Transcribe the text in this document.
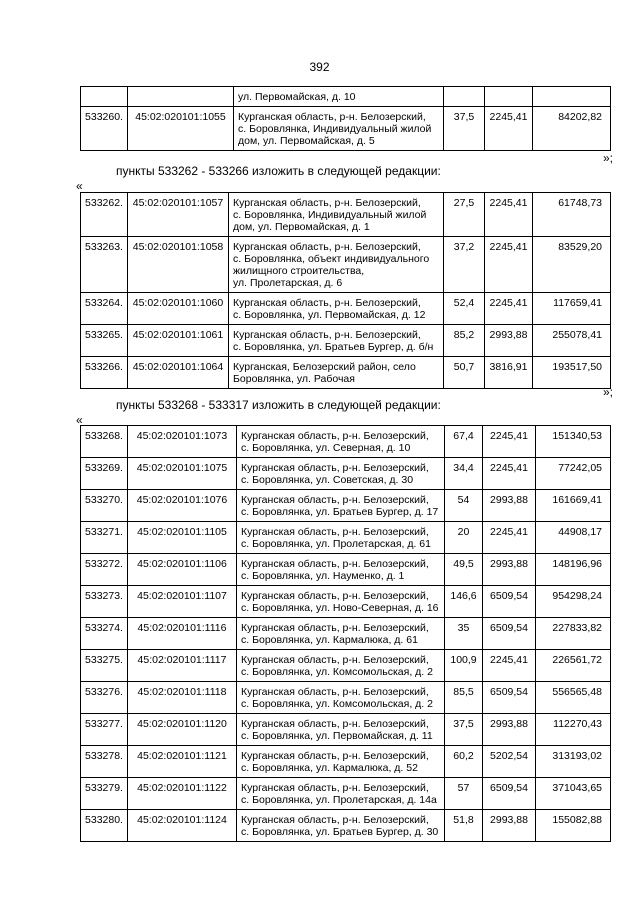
392
		ул. Первомайская, д. 10			
533260.	45:02:020101:1055	Курганская область, р-н. Белозерский,
с. Боровлянка, Индивидуальный жилой
дом, ул. Первомайская, д. 5	37,5	2245,41	84202,82
»;
пункты 533262 - 533266 изложить в следующей редакции:
«
533262.	45:02:020101:1057	Курганская область, р-н. Белозерский,
с. Боровлянка, Индивидуальный жилой
дом, ул. Первомайская, д. 1	27,5	2245,41	61748,73
533263.	45:02:020101:1058	Курганская область, р-н. Белозерский,
с. Боровлянка, объект индивидуального
жилищного строительства,
ул. Пролетарская, д. 6	37,2	2245,41	83529,20
533264.	45:02:020101:1060	Курганская область, р-н. Белозерский,
с. Боровлянка, ул. Первомайская, д. 12	52,4	2245,41	117659,41
533265.	45:02:020101:1061	Курганская область, р-н. Белозерский,
с. Боровлянка, ул. Братьев Бургер, д. б/н	85,2	2993,88	255078,41
533266.	45:02:020101:1064	Курганская, Белозерский район, село
Боровлянка, ул. Рабочая	50,7	3816,91	193517,50
»;
пункты 533268 - 533317 изложить в следующей редакции:
«
533268.	45:02:020101:1073	Курганская область, р-н. Белозерский,
с. Боровлянка, ул. Северная, д. 10	67,4	2245,41	151340,53
533269.	45:02:020101:1075	Курганская область, р-н. Белозерский,
с. Боровлянка, ул. Советская, д. 30	34,4	2245,41	77242,05
533270.	45:02:020101:1076	Курганская область, р-н. Белозерский,
с. Боровлянка, ул. Братьев Бургер, д. 17	54	2993,88	161669,41
533271.	45:02:020101:1105	Курганская область, р-н. Белозерский,
с. Боровлянка, ул. Пролетарская, д. 61	20	2245,41	44908,17
533272.	45:02:020101:1106	Курганская область, р-н. Белозерский,
с. Боровлянка, ул. Науменко, д. 1	49,5	2993,88	148196,96
533273.	45:02:020101:1107	Курганская область, р-н. Белозерский,
с. Боровлянка, ул. Ново-Северная, д. 16	146,6	6509,54	954298,24
533274.	45:02:020101:1116	Курганская область, р-н. Белозерский,
с. Боровлянка, ул. Кармалюка, д. 61	35	6509,54	227833,82
533275.	45:02:020101:1117	Курганская область, р-н. Белозерский,
с. Боровлянка, ул. Комсомольская, д. 2	100,9	2245,41	226561,72
533276.	45:02:020101:1118	Курганская область, р-н. Белозерский,
с. Боровлянка, ул. Комсомольская, д. 2	85,5	6509,54	556565,48
533277.	45:02:020101:1120	Курганская область, р-н. Белозерский,
с. Боровлянка, ул. Первомайская, д. 11	37,5	2993,88	112270,43
533278.	45:02:020101:1121	Курганская область, р-н. Белозерский,
с. Боровлянка, ул. Кармалюка, д. 52	60,2	5202,54	313193,02
533279.	45:02:020101:1122	Курганская область, р-н. Белозерский,
с. Боровлянка, ул. Пролетарская, д. 14а	57	6509,54	371043,65
533280.	45:02:020101:1124	Курганская область, р-н. Белозерский,
с. Боровлянка, ул. Братьев Бургер, д. 30	51,8	2993,88	155082,88
